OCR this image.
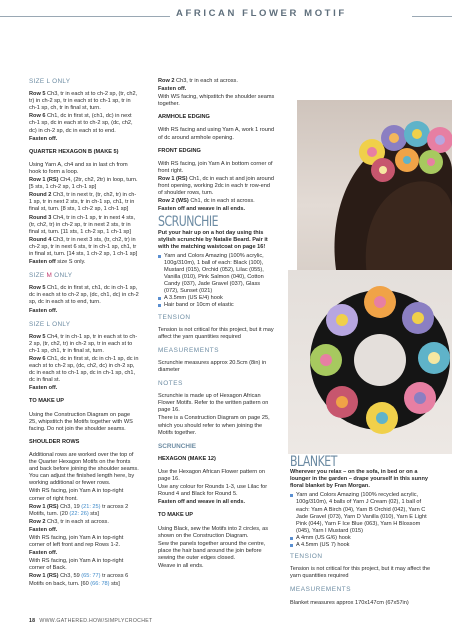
AFRICAN FLOWER MOTIF

SIZE L ONLY

Row 5 Ch3, tr in each st to ch-2 sp, (tr, ch2, tr) in ch-2 sp, tr in each st to ch-1 sp, tr in ch-1 sp, ch, tr in final st, turn.

Row 6 Ch1, dc in first st, (ch1, dc) in next ch-1 sp, dc in each st to ch-2 sp, (dc, ch2, dc) in ch-2 sp, dc in each st to end.

Fasten off.

QUARTER HEXAGON B (MAKE 5)

Using Yarn A, ch4 and ss in last ch from hook to form a loop.

Row 1 (RS) Ch4, (2tr, ch2, 2tr) in loop, turn. [5 sts, 1 ch-2 sp, 1 ch-1 sp]

Round 2 Ch3, tr in next tr, (tr, ch2, tr) in ch-1 sp, tr in next 2 sts, tr in ch-1 sp, ch1, tr in final st, turn. [8 sts, 1 ch-2 sp, 1 ch-1 sp]

Round 3 Ch4, tr in ch-1 sp, tr in next 4 sts, (tr, ch2, tr) in ch-2 sp, tr in next 2 sts, tr in final st, turn. [11 sts, 1 ch-2 sp, 1 ch-1 sp]

Round 4 Ch3, tr in next 3 sts, (tr, ch2, tr) in ch-2 sp, tr in next 6 sts, tr in ch-1 sp, ch1, tr in final st, turn. [14 sts, 1 ch-2 sp, 1 ch-1 sp]

Fasten off size S only.

SIZE M ONLY

Row 5 Ch1, dc in first st, ch1, dc in ch-1 sp, dc in each st to ch-2 sp, (dc, ch1, dc) in ch-2 sp, dc in each st to end, turn.

Fasten off.

SIZE L ONLY

Row 5 Ch4, tr in ch-1 sp, tr in each st to ch-2 sp, (tr, ch2, tr) in ch-2 sp, tr in each st to ch-1 sp, ch1, tr in final st, turn.

Row 6 Ch1, dc in first st, dc in ch-1 sp, dc in each st to ch-2 sp, (dc, ch2, dc) in ch-2 sp, dc in each st to ch-1 sp, dc in ch-1 sp, ch1, dc in final st.

Fasten off.

TO MAKE UP

Using the Construction Diagram on page 25, whipstitch the Motifs together with WS facing. Do not join the shoulder seams.

SHOULDER ROWS

Additional rows are worked over the top of the Quarter Hexagon Motifs on the fronts and back before joining the shoulder seams. You can adjust the finished length here, by working additional or fewer rows.

With RS facing, join Yarn A in top-right corner of right front.

Row 1 (RS) Ch3, 19 (21: 25) tr across 2 Motifs, turn. (20 (22: 26) sts]

Row 2 Ch3, tr in each st across.

Fasten off.

With RS facing, join Yarn A in top-right corner of left front and rep Rows 1-2.

Fasten off.

With RS facing, join Yarn A in top-right corner of Back.

Row 1 (RS) Ch3, 59 (65: 77) tr across 6 Motifs on back, turn. [60 (66: 78) sts]

Row 2 Ch3, tr in each st across.

Fasten off.

With WS facing, whipstitch the shoulder seams together.

ARMHOLE EDGING

With RS facing and using Yarn A, work 1 round of dc around armhole opening.

FRONT EDGING

With RS facing, join Yarn A in bottom corner of front right.

Row 1 (RS) Ch1, dc in each st and join around front opening, working 2dc in each tr row-end of shoulder rows, turn.

Row 2 (WS) Ch1, dc in each st across.

Fasten off and weave in all ends.

SCRUNCHIE

Put your hair up on a hot day using this stylish scrunchie by Natalie Beard. Pair it with the matching waistcoat on page 16!

Yarn and Colors Amazing (100% acrylic, 100g/310m), 1 ball of each: Black (100), Mustard (015), Orchid (052), Lilac (055), Vanilla (010), Pink Salmon (040), Cotton Candy (037), Jade Gravel (037), Glass (072), Sunset (021)
A 3.5mm (US E/4) hook
Hair band or 10cm of elastic

TENSION

Tension is not critical for this project, but it may affect the yarn quantities required

MEASUREMENTS

Scrunchie measures approx 20.5cm (8in) in diameter

NOTES

Scrunchie is made up of Hexagon African Flower Motifs. Refer to the written pattern on page 16.

There is a Construction Diagram on page 25, which you should refer to when joining the Motifs together.

SCRUNCHIE

HEXAGON (MAKE 12)

Use the Hexagon African Flower pattern on page 16.

Use any colour for Rounds 1-3, use Lilac for Round 4 and Black for Round 5.

Fasten off and weave in all ends.

TO MAKE UP

Using Black, sew the Motifs into 2 circles, as shown on the Construction Diagram.

Sew the panels together around the centre, place the hair band around the join before sewing the outer edges closed.

Weave in all ends.

BLANKET

Wherever you relax – on the sofa, in bed or on a lounger in the garden – drape yourself in this sunny floral blanket by Fran Morgan.

Yarn and Colors Amazing (100% recycled acrylic, 100g/310m), 4 balls of Yarn J Cream (02), 1 ball of each: Yarn A Birch (04), Yarn B Orchid (042), Yarn C Jade Gravel (073), Yarn D Vanilla (010), Yarn E Light Pink (044), Yarn F Ice Blue (063), Yarn H Blossom (045), Yarn I Mustard (015)
A 4mm (US G/6) hook
A 4.5mm (US 7) hook

TENSION

Tension is not critical for this project, but it may affect the yarn quantities required

MEASUREMENTS

Blanket measures approx 170x147cm (67x57in)

18 WWW.GATHERED.HOW/SIMPLYCROCHET
